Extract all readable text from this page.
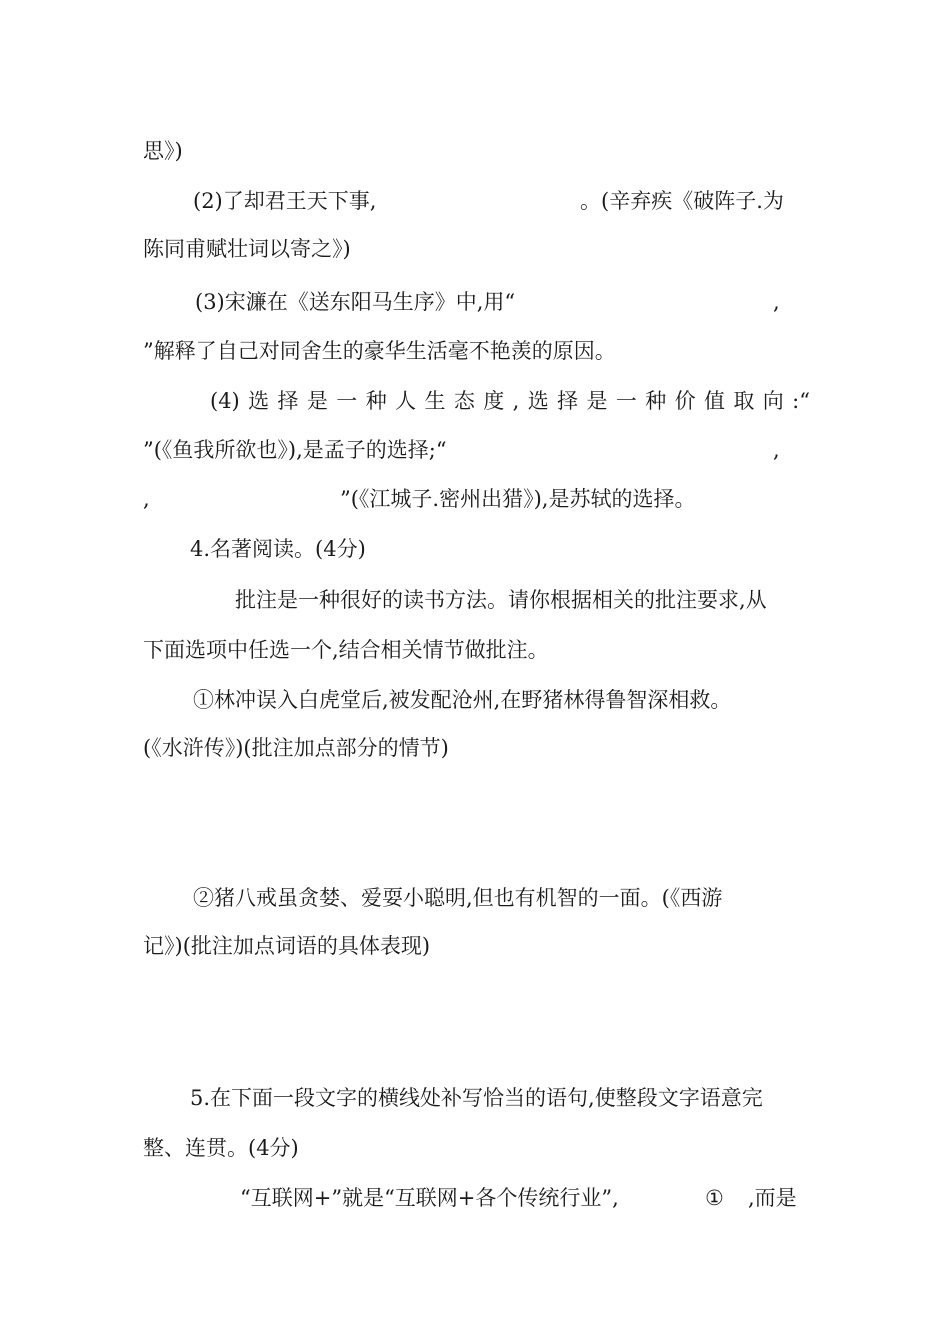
思》)

(2)了却君王天下事,	。(辛弃疾《破阵子.为

陈同甫赋壮词以寄之》)

(3)宋濂在《送东阳马生序》中,用“	,

”解释了自己对同舍生的豪华生活毫不艳羡的原因。

(4)选择是一种人生态度,选择是一种价值取向:“

”(《鱼我所欲也》),是孟子的选择;“	,

,	”(《江城子.密州出猎》),是苏轼的选择。

4.名著阅读。(4分)

批注是一种很好的读书方法。请你根据相关的批注要求,从

下面选项中任选一个,结合相关情节做批注。

①林冲误入白虎堂后,被发配沧州,在野猪林得鲁智深相救。

(《水浒传》)(批注加点部分的情节)

②猪八戒虽贪婪、爱耍小聪明,但也有机智的一面。(《西游

记》)(批注加点词语的具体表现)

5.在下面一段文字的横线处补写恰当的语句,使整段文字语意完

整、连贯。(4分)

“互联网+”就是“互联网+各个传统行业”,	① ,而是
